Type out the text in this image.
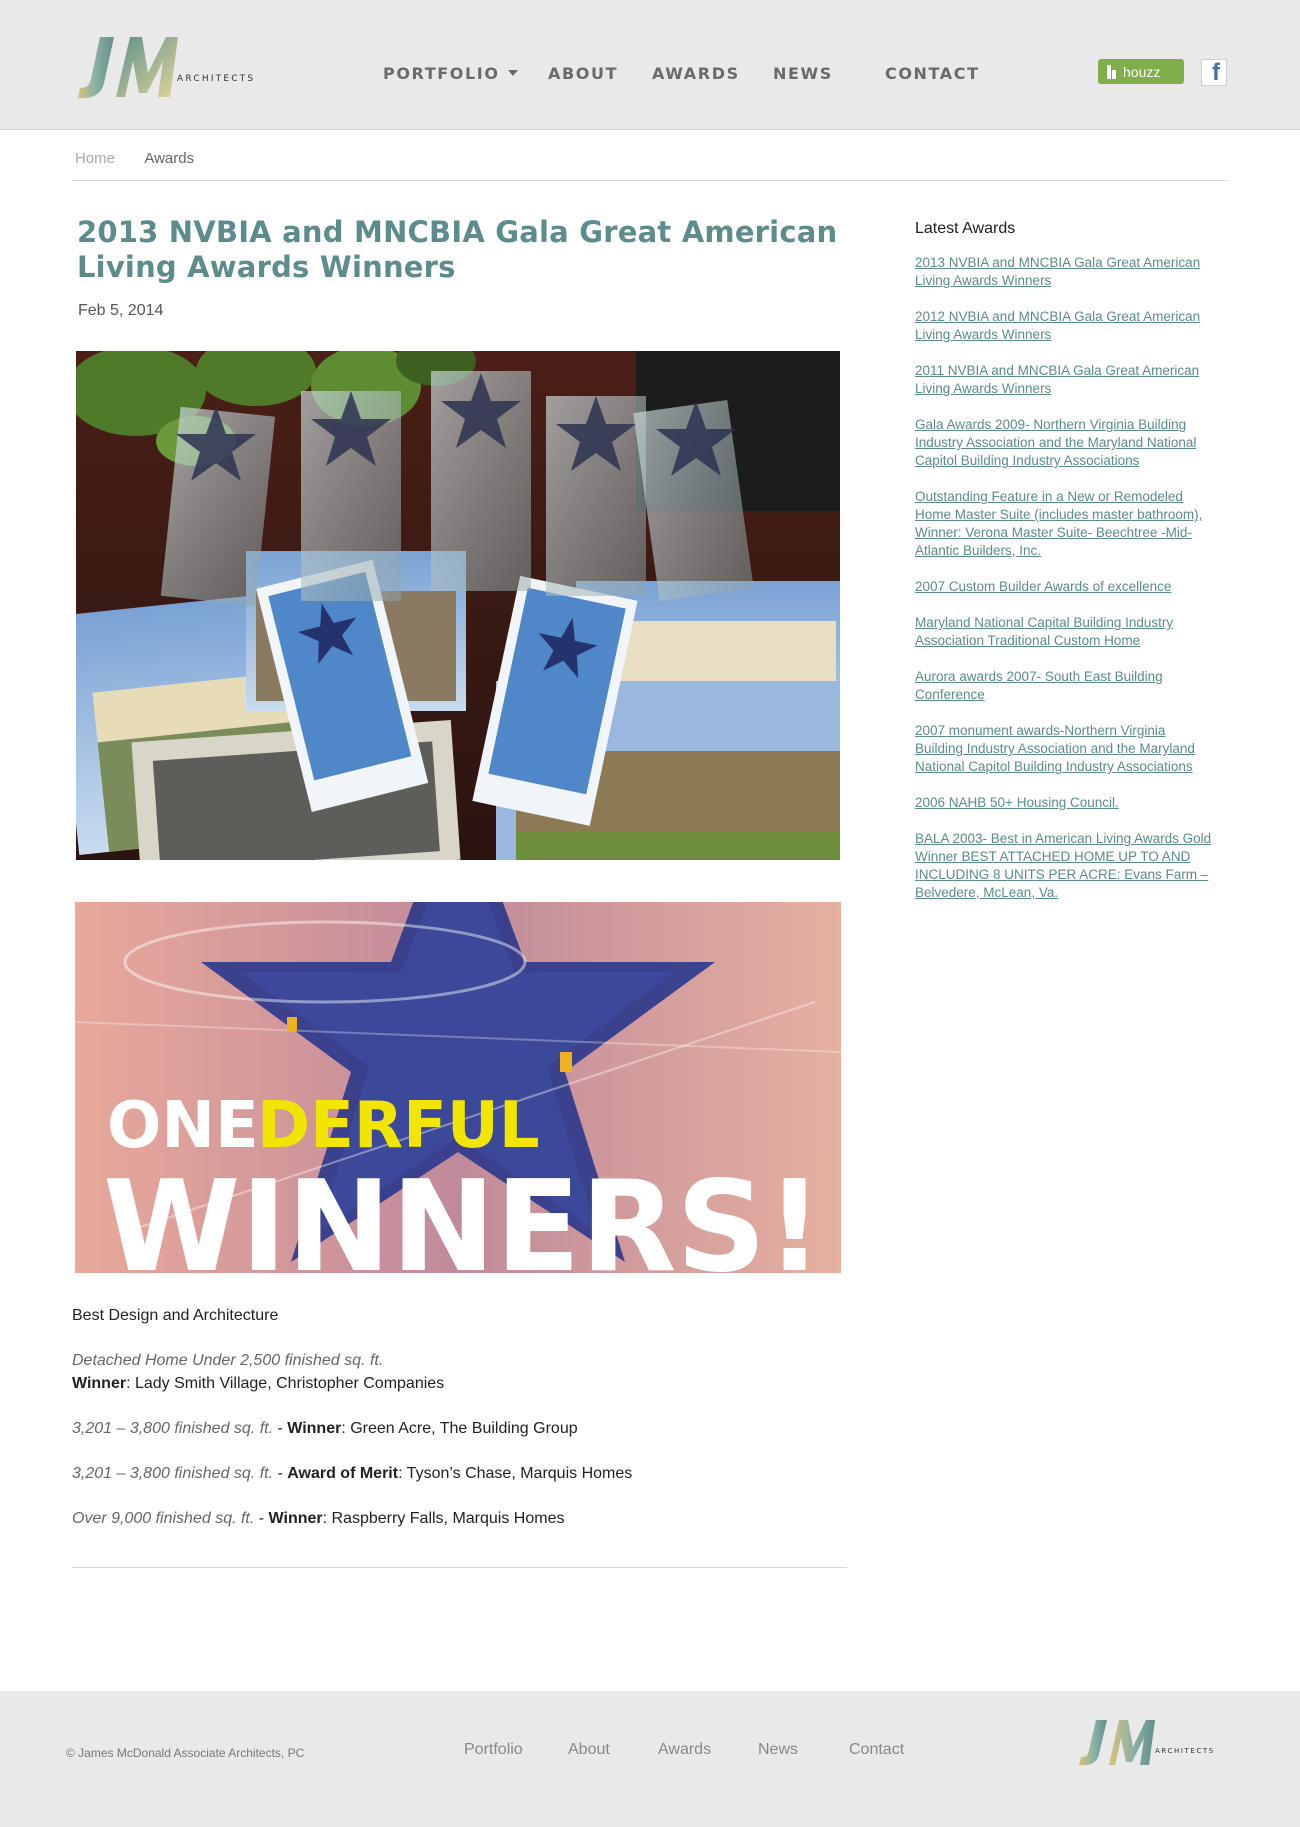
ARCHITECTS	PORTFOLIO	ABOUT AWARDS NEWS	CONTACT	houzz f
Home Awards
2013 NVBIA and MNCBIA Gala Great American Living Awards Winners
Feb 5, 2014
ONE
DERFUL
WINNERS!

Best Design and Architecture

Detached Home Under 2,500 finished sq. ft.

Winner: Lady Smith Village, Christopher Companies

3,201 – 3,800 finished sq. ft. - Winner: Green Acre, The Building Group

3,201 – 3,800 finished sq. ft. - Award of Merit: Tyson’s Chase, Marquis Homes

Over 9,000 finished sq. ft. - Winner: Raspberry Falls, Marquis Homes

Latest Awards
2013 NVBIA and MNCBIA Gala Great American Living Awards Winners
2012 NVBIA and MNCBIA Gala Great American Living Awards Winners
2011 NVBIA and MNCBIA Gala Great American Living Awards Winners
Gala Awards 2009- Northern Virginia Building Industry Association and the Maryland National Capitol Building Industry Associations
Outstanding Feature in a New or Remodeled Home Master Suite (includes master bathroom), Winner: Verona Master Suite- Beechtree -Mid-Atlantic Builders, Inc.
2007 Custom Builder Awards of excellence
Maryland National Capital Building Industry Association Traditional Custom Home
Aurora awards 2007- South East Building Conference
2007 monument awards-Northern Virginia Building Industry Association and the Maryland National Capitol Building Industry Associations
2006 NAHB 50+ Housing Council.
BALA 2003- Best in American Living Awards Gold Winner BEST ATTACHED HOME UP TO AND INCLUDING 8 UNITS PER ACRE: Evans Farm – Belvedere, McLean, Va.
© James McDonald Associate Architects, PC	Portfolio	About	Awards	News	Contact	ARCHITECTS
